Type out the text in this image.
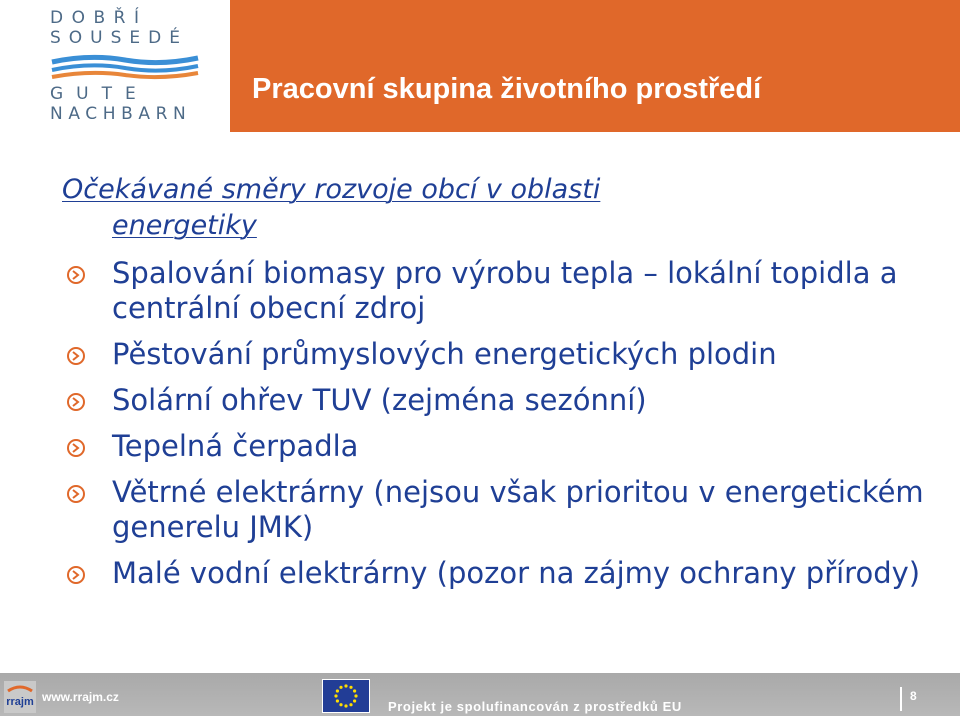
DOBŘÍ
SOUSEDÉ
GUTE
NACHBARN
Pracovní skupina životního prostředí
Očekávané směry rozvoje obcí v oblasti
energetiky
Spalování biomasy pro výrobu tepla – lokální topidla a centrální obecní zdroj
Pěstování průmyslových energetických plodin
Solární ohřev TUV (zejména sezónní)
Tepelná čerpadla
Větrné elektrárny (nejsou však prioritou v energetickém generelu JMK)
Malé vodní elektrárny (pozor na zájmy ochrany přírody)
rrajm www.rrajm.cz
Projekt je spolufinancován z prostředků EU
8
